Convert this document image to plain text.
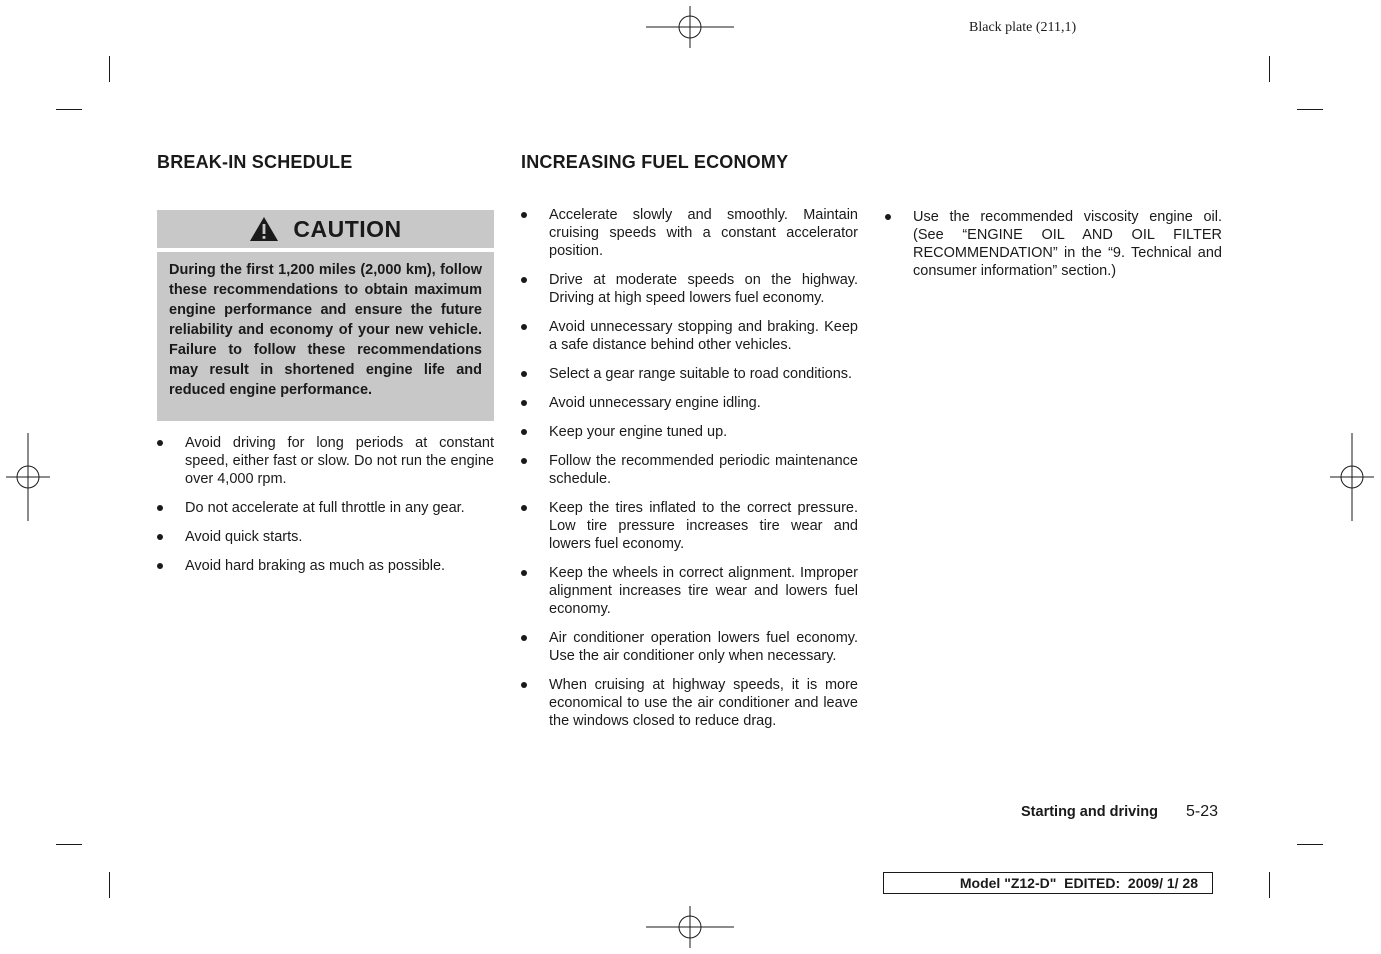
Black plate (211,1)
BREAK-IN SCHEDULE
CAUTION
During the first 1,200 miles (2,000 km), follow these recommendations to obtain maximum engine performance and ensure the future reliability and economy of your new vehicle. Failure to follow these recommendations may result in shortened engine life and reduced engine performance.
Avoid driving for long periods at constant speed, either fast or slow. Do not run the engine over 4,000 rpm.
Do not accelerate at full throttle in any gear.
Avoid quick starts.
Avoid hard braking as much as possible.
INCREASING FUEL ECONOMY
Accelerate slowly and smoothly. Maintain cruising speeds with a constant accelerator position.
Drive at moderate speeds on the highway. Driving at high speed lowers fuel economy.
Avoid unnecessary stopping and braking. Keep a safe distance behind other vehicles.
Select a gear range suitable to road conditions.
Avoid unnecessary engine idling.
Keep your engine tuned up.
Follow the recommended periodic maintenance schedule.
Keep the tires inflated to the correct pressure. Low tire pressure increases tire wear and lowers fuel economy.
Keep the wheels in correct alignment. Improper alignment increases tire wear and lowers fuel economy.
Air conditioner operation lowers fuel economy. Use the air conditioner only when necessary.
When cruising at highway speeds, it is more economical to use the air conditioner and leave the windows closed to reduce drag.
Use the recommended viscosity engine oil. (See “ENGINE OIL AND OIL FILTER RECOMMENDATION” in the “9. Technical and consumer information” section.)
Starting and driving 5-23
Model "Z12-D"  EDITED:  2009/ 1/ 28
